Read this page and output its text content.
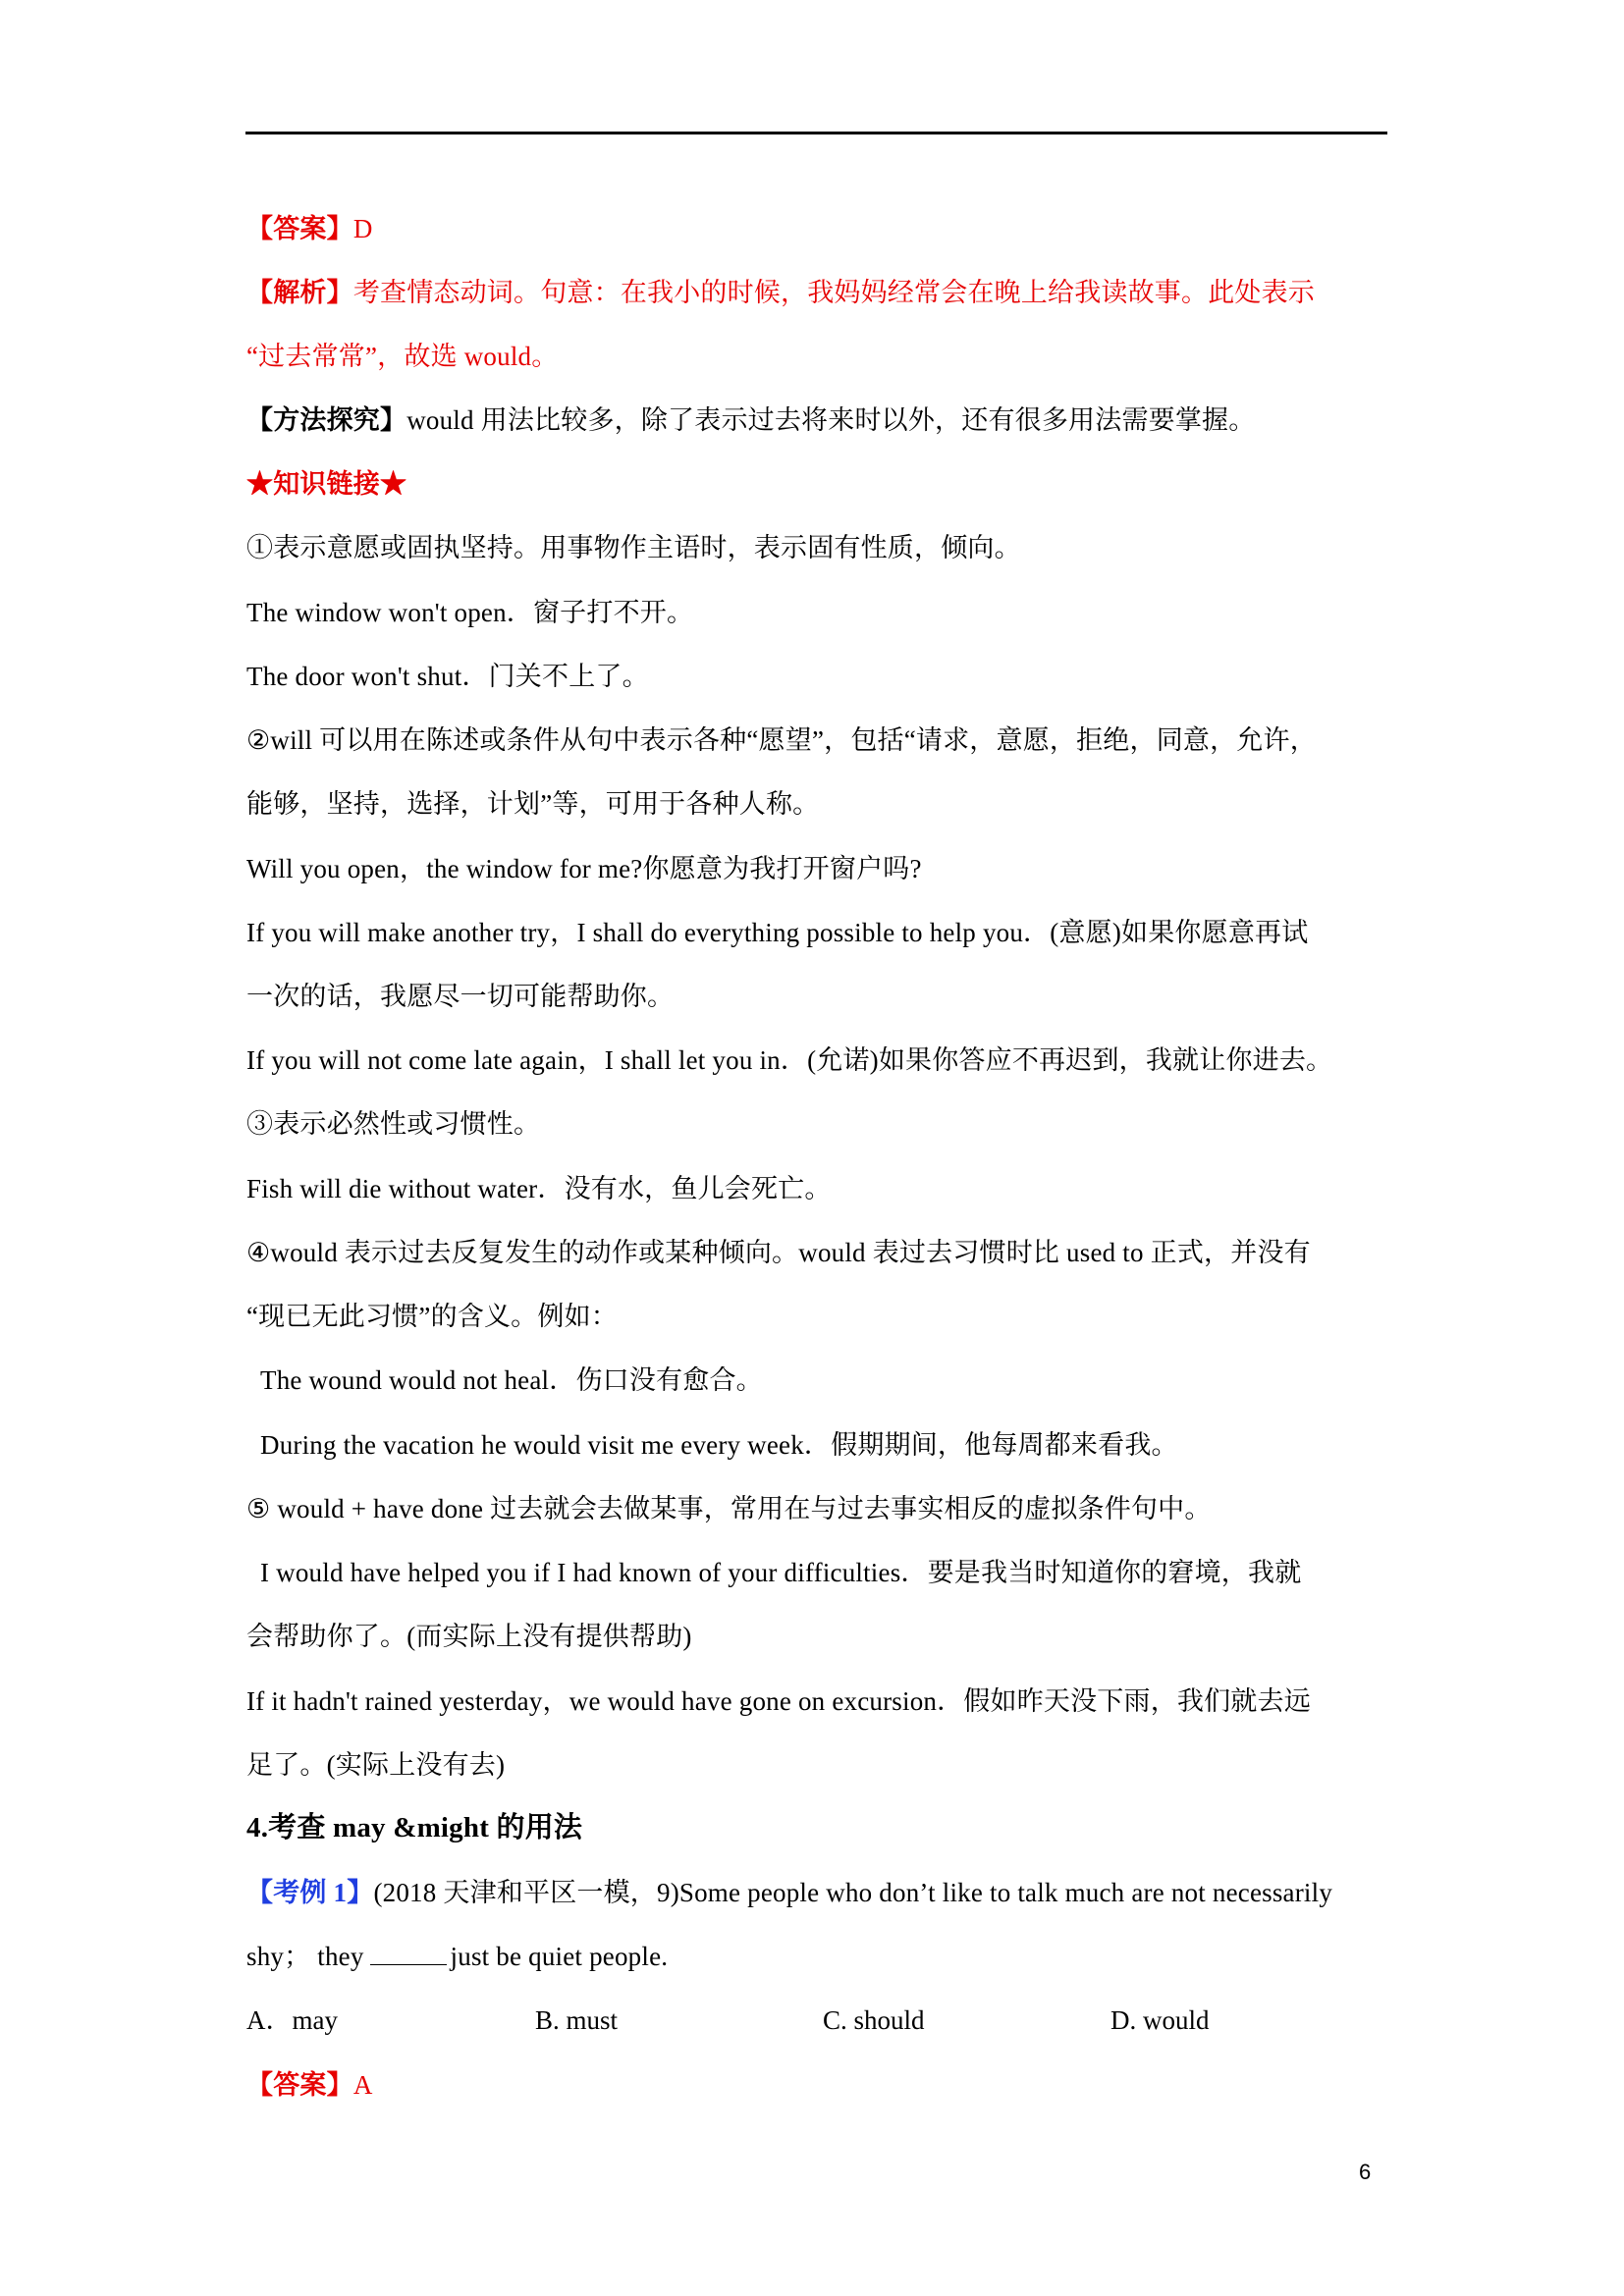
【答案】D
【解析】考查情态动词。句意：在我小的时候，我妈妈经常会在晚上给我读故事。此处表示
“过去常常”，故选 would。
【方法探究】would 用法比较多，除了表示过去将来时以外，还有很多用法需要掌握。
★知识链接★
①表示意愿或固执坚持。用事物作主语时，表示固有性质，倾向。
The window won't open．窗子打不开。
The door won't shut．门关不上了。
②will 可以用在陈述或条件从句中表示各种“愿望”，包括“请求，意愿，拒绝，同意，允许，
能够，坚持，选择，计划”等，可用于各种人称。
Will you open，the window for me?你愿意为我打开窗户吗?
If you will make another try，I shall do everything possible to help you．(意愿)如果你愿意再试
一次的话，我愿尽一切可能帮助你。
If you will not come late again，I shall let you in．(允诺)如果你答应不再迟到，我就让你进去。
③表示必然性或习惯性。
Fish will die without water．没有水，鱼儿会死亡。
④would 表示过去反复发生的动作或某种倾向。would 表过去习惯时比 used to 正式，并没有
“现已无此习惯”的含义。例如：
The wound would not heal．伤口没有愈合。
During the vacation he would visit me every week．假期期间，他每周都来看我。
⑤ would + have done 过去就会去做某事，常用在与过去事实相反的虚拟条件句中。
I would have helped you if I had known of your difficulties．要是我当时知道你的窘境，我就
会帮助你了。(而实际上没有提供帮助)
If it hadn't rained yesterday，we would have gone on excursion．假如昨天没下雨，我们就去远
足了。(实际上没有去)
4.考查 may &might 的用法
【考例 1】(2018 天津和平区一模，9)Some people who don’t like to talk much are not necessarily
shy； they	just be quiet people.
A．may	B. must	C. should	D. would
【答案】A
6
